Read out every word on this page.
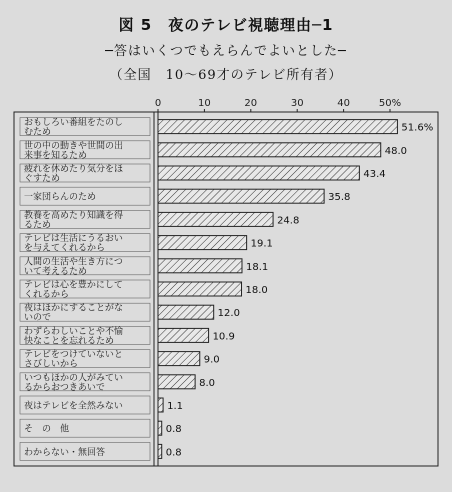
図 5　夜のテレビ視聴理由─1
─答はいくつでもえらんでよいとした─
（全国　10～69才のテレビ所有者）
0	10	20	30	40	50%
おもしろい番組をたのし
むため	51.6%
世の中の動きや世間の出
来事を知るため	48.0
疲れを休めたり気分をほ
ぐすため	43.4
一家団らんのため	35.8
教養を高めたり知識を得
るため	24.8
テレビは生活にうるおい
を与えてくれるから	19.1
人間の生活や生き方につ
いて考えるため	18.1
テレビは心を豊かにして
くれるから	18.0
夜はほかにすることがな
いので	12.0
わずらわしいことや不愉
快なことを忘れるため	10.9
テレビをつけていないと
さびしいから	9.0
いつもほかの人がみてい
るからおつきあいで	8.0
夜はテレビを全然みない	1.1
そ　の　他	0.8
わからない・無回答	0.8
